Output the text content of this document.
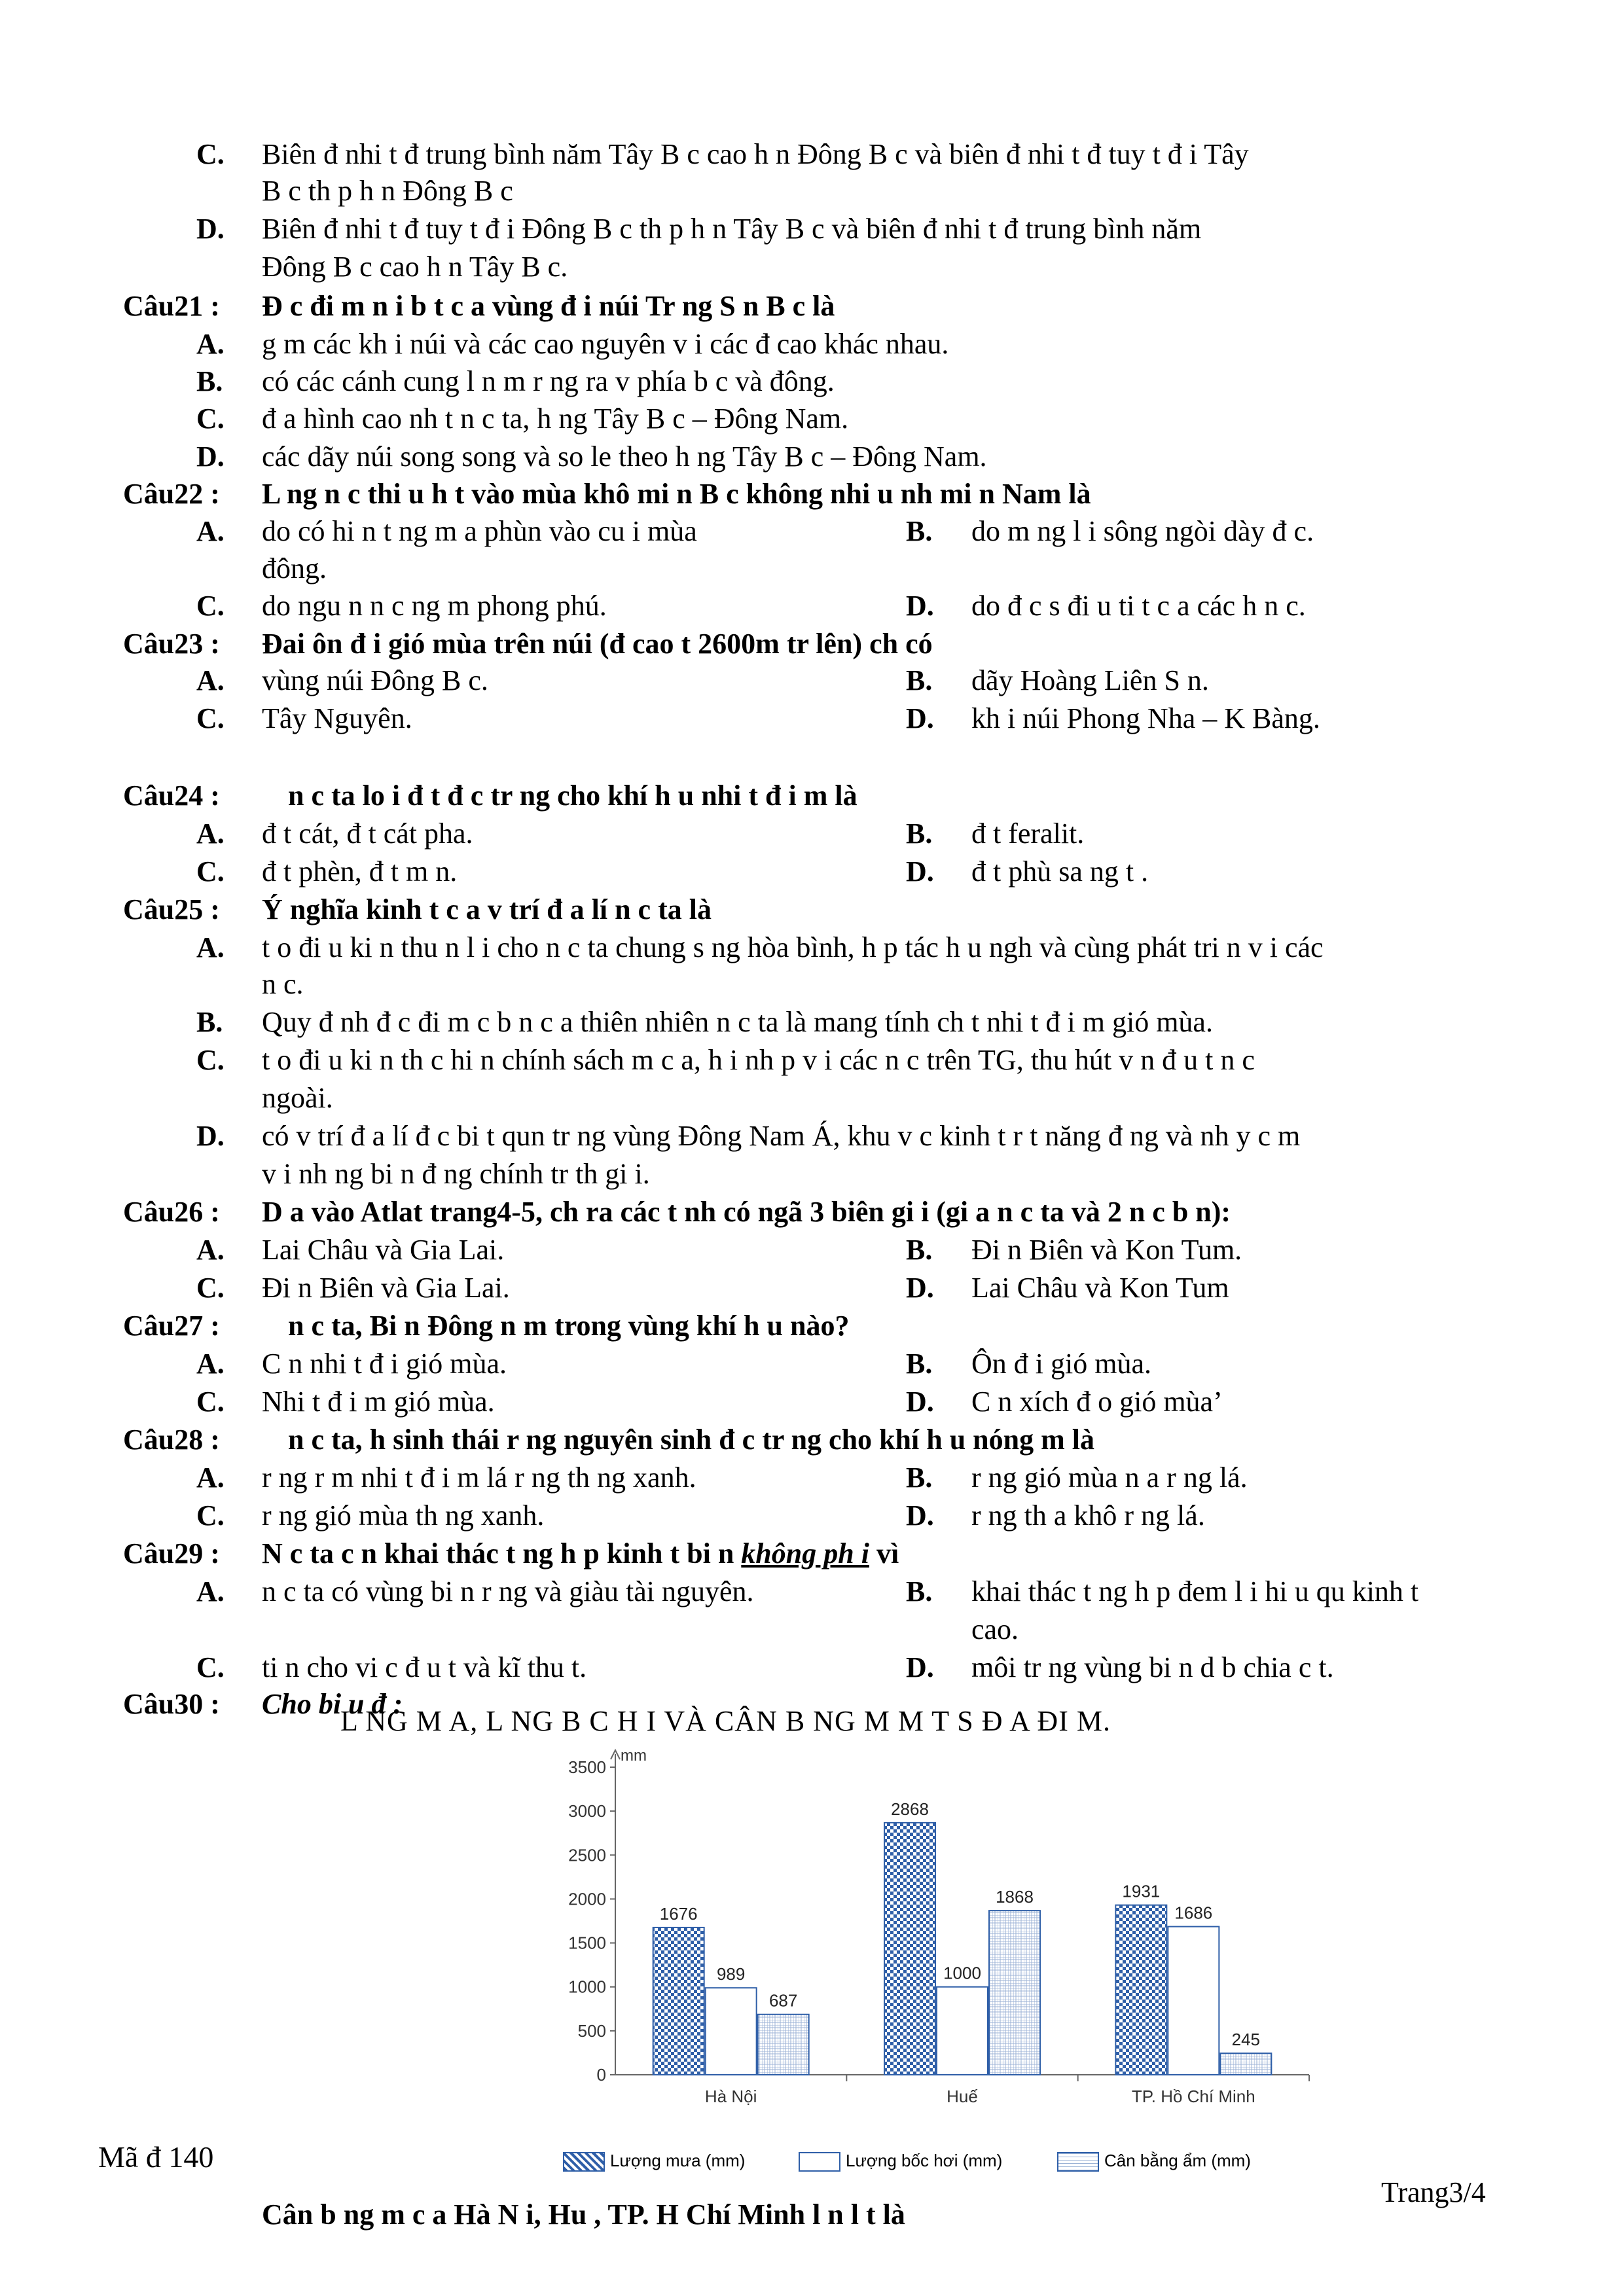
C. Biên đ nhi t đ trung bình năm Tây B c cao h n Đông B c và biên đ nhi t đ tuy t đ i Tây
B c th p h n Đông B c
D. Biên đ nhi t đ tuy t đ i Đông B c th p h n Tây B c và biên đ nhi t đ trung bình năm
Đông B c cao h n Tây B c.
Câu21 : Đ c đi m n i b t c a vùng đ i núi Tr ng S n B c là
A. g m các kh i núi và các cao nguyên v i các đ cao khác nhau.
B. có các cánh cung l n m r ng ra v phía b c và đông.
C. đ a hình cao nh t n c ta, h ng Tây B c – Đông Nam.
D. các dãy núi song song và so le theo h ng Tây B c – Đông Nam.
Câu22 : L ng n c thi u h t vào mùa khô mi n B c không nhi u nh mi n Nam là
A. do có hi n t ng m a phùn vào cu i mùa
đông.
B. do m ng l i sông ngòi dày đ c.
C. do ngu n n c ng m phong phú.	D. do đ c s đi u ti t c a các h n c.
Câu23 : Đai ôn đ i gió mùa trên núi (đ cao t 2600m tr lên) ch có
A. vùng núi Đông B c.	B. dãy Hoàng Liên S n.
C. Tây Nguyên.	D. kh i núi Phong Nha – K Bàng.
Câu24 : n c ta lo i đ t đ c tr ng cho khí h u nhi t đ i m là
A. đ t cát, đ t cát pha.	B. đ t feralit.
C. đ t phèn, đ t m n.	D. đ t phù sa ng t .
Câu25 : Ý nghĩa kinh t c a v trí đ a lí n c ta là
A. t o đi u ki n thu n l i cho n c ta chung s ng hòa bình, h p tác h u ngh và cùng phát tri n v i các
n c.
B. Quy đ nh đ c đi m c b n c a thiên nhiên n c ta là mang tính ch t nhi t đ i m gió mùa.
C. t o đi u ki n th c hi n chính sách m c a, h i nh p v i các n c trên TG, thu hút v n đ u t n c
ngoài.
D. có v trí đ a lí đ c bi t qun tr ng vùng Đông Nam Á, khu v c kinh t r t năng đ ng và nh y c m
v i nh ng bi n đ ng chính tr th gi i.
Câu26 : D a vào Atlat trang4-5, ch ra các t nh có ngã 3 biên gi i (gi a n c ta và 2 n c b n):
A. Lai Châu và Gia Lai.	B. Đi n Biên và Kon Tum.
C. Đi n Biên và Gia Lai.	D. Lai Châu và Kon Tum
Câu27 : n c ta, Bi n Đông n m trong vùng khí h u nào?
A. C n nhi t đ i gió mùa.	B. Ôn đ i gió mùa.
C. Nhi t đ i m gió mùa.	D. C n xích đ o gió mùa’
Câu28 : n c ta, h sinh thái r ng nguyên sinh đ c tr ng cho khí h u nóng m là
A. r ng r m nhi t đ i m lá r ng th ng xanh.	B. r ng gió mùa n a r ng lá.
C. r ng gió mùa th ng xanh.	D. r ng th a khô r ng lá.
Câu29 : N c ta c n khai thác t ng h p kinh t bi n không ph i vì
A. n c ta có vùng bi n r ng và giàu tài nguyên.	B. khai thác t ng h p đem l i hi u qu kinh t
cao.
C. ti n cho vi c đ u t và kĩ thu t.	D. môi tr ng vùng bi n d b chia c t.
Câu30 : Cho bi u đ :
L NG M A, L NG B C H I VÀ CÂN B NG M M T S Đ A ĐI M.
mm
0
500
1000
1500
2000
2500
3000
3500
1676
989
687
Hà Nội
2868
1000
1868
Huế
1931
1686
245
TP. Hồ Chí Minh
Lượng mưa (mm)	Lượng bốc hơi (mm)	Cân bằng ẩm (mm)
Cân b ng m c a Hà N i, Hu , TP. H Chí Minh l n l t là
Mã đ 140
Trang3/4
